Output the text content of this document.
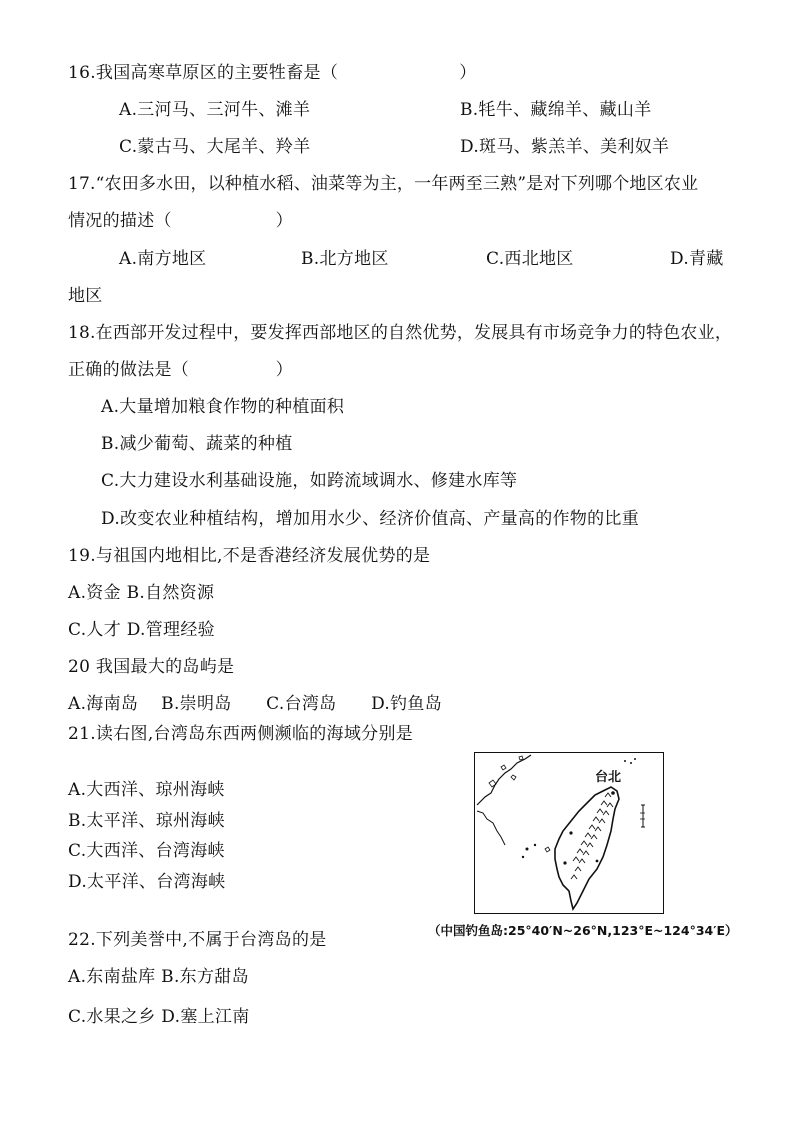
16.我国高寒草原区的主要牲畜是（　　　　　　　）
A.三河马、三河牛、滩羊	B.牦牛、藏绵羊、藏山羊
C.蒙古马、大尾羊、羚羊	D.斑马、紫羔羊、美利奴羊
17.“农田多水田，以种植水稻、油菜等为主，一年两至三熟”是对下列哪个地区农业
情况的描述（　　　　　　）
A.南方地区	B.北方地区	C.西北地区	D.青藏
地区
18.在西部开发过程中，要发挥西部地区的自然优势，发展具有市场竞争力的特色农业，
正确的做法是（　　　　　）
A.大量增加粮食作物的种植面积
B.减少葡萄、蔬菜的种植
C.大力建设水利基础设施，如跨流域调水、修建水库等
D.改变农业种植结构，增加用水少、经济价值高、产量高的作物的比重
19.与祖国内地相比,不是香港经济发展优势的是
A.资金 B.自然资源
C.人才 D.管理经验
20 我国最大的岛屿是
A.海南岛　 B.崇明岛　　C.台湾岛　　D.钓鱼岛
21.读右图,台湾岛东西两侧濒临的海域分别是
A.大西洋、琼州海峡
B.太平洋、琼州海峡
C.大西洋、台湾海峡
D.太平洋、台湾海峡
台北
（中国钓鱼岛:25°40′N~26°N,123°E~124°34′E）
22.下列美誉中,不属于台湾岛的是
A.东南盐库 B.东方甜岛
C.水果之乡 D.塞上江南
